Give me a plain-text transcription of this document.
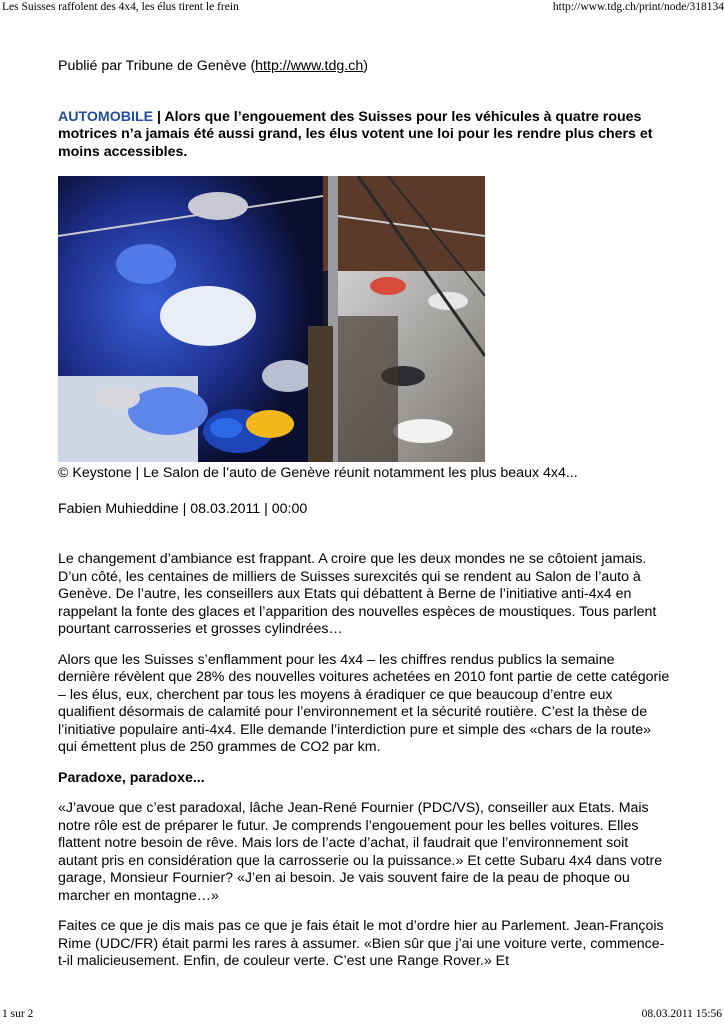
Les Suisses raffolent des 4x4, les élus tirent le frein	http://www.tdg.ch/print/node/318134

Publié par Tribune de Genève (http://www.tdg.ch)

AUTOMOBILE | Alors que l’engouement des Suisses pour les véhicules à quatre roues motrices n’a jamais été aussi grand, les élus votent une loi pour les rendre plus chers et moins accessibles.

© Keystone | Le Salon de l’auto de Genève réunit notamment les plus beaux 4x4...

Fabien Muhieddine | 08.03.2011 | 00:00

Le changement d’ambiance est frappant. A croire que les deux mondes ne se côtoient jamais. D’un côté, les centaines de milliers de Suisses surexcités qui se rendent au Salon de l’auto à Genève. De l’autre, les conseillers aux Etats qui débattent à Berne de l’initiative anti-4x4 en rappelant la fonte des glaces et l’apparition des nouvelles espèces de moustiques. Tous parlent pourtant carrosseries et grosses cylindrées…

Alors que les Suisses s’enflamment pour les 4x4 – les chiffres rendus publics la semaine dernière révèlent que 28% des nouvelles voitures achetées en 2010 font partie de cette catégorie – les élus, eux, cherchent par tous les moyens à éradiquer ce que beaucoup d’entre eux qualifient désormais de calamité pour l’environnement et la sécurité routière. C’est la thèse de l’initiative populaire anti-4x4. Elle demande l’interdiction pure et simple des «chars de la route» qui émettent plus de 250 grammes de CO2 par km.

Paradoxe, paradoxe...

«J’avoue que c’est paradoxal, lâche Jean-René Fournier (PDC/VS), conseiller aux Etats. Mais notre rôle est de préparer le futur. Je comprends l’engouement pour les belles voitures. Elles flattent notre besoin de rêve. Mais lors de l’acte d’achat, il faudrait que l’environnement soit autant pris en considération que la carrosserie ou la puissance.» Et cette Subaru 4x4 dans votre garage, Monsieur Fournier? «J’en ai besoin. Je vais souvent faire de la peau de phoque ou marcher en montagne…»

Faites ce que je dis mais pas ce que je fais était le mot d’ordre hier au Parlement. Jean-François Rime (UDC/FR) était parmi les rares à assumer. «Bien sûr que j’ai une voiture verte, commence-t-il malicieusement. Enfin, de couleur verte. C’est une Range Rover.» Et

1 sur 2	08.03.2011 15:56
